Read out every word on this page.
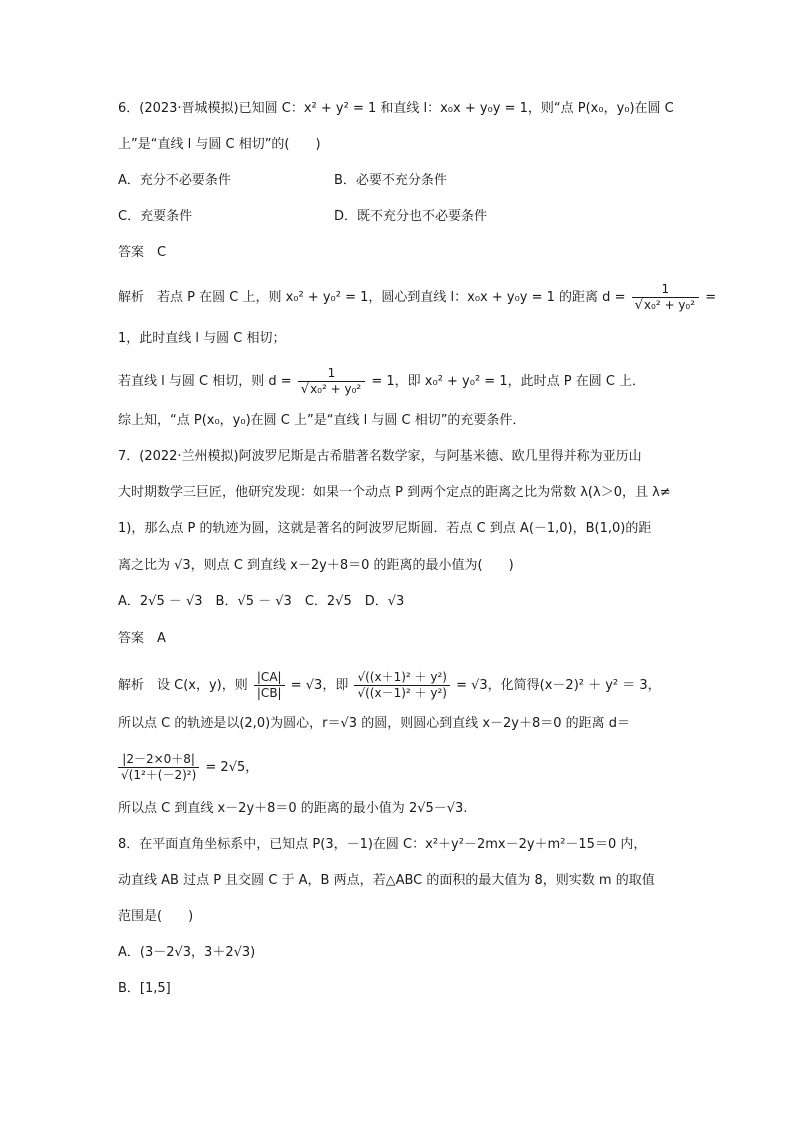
6．(2023·晋城模拟)已知圆 C：x² + y² = 1 和直线 l：x₀x + y₀y = 1，则“点 P(x₀，y₀)在圆 C
上”是“直线 l 与圆 C 相切”的(　　)
A．充分不必要条件	B．必要不充分条件
C．充要条件	D．既不充分也不必要条件
答案　C
解析　若点 P 在圆 C 上，则 x₀² + y₀² = 1，圆心到直线 l：x₀x + y₀y = 1 的距离 $d = \frac{1}{\text{√x₀² + y₀²}}$ =
1，此时直线 l 与圆 C 相切；
若直线 l 与圆 C 相切，则 $d = \frac{1}{\text{√x₀² + y₀²}} = 1$，即 x₀² + y₀² = 1，此时点 P 在圆 C 上．
综上知，“点 P(x₀，y₀)在圆 C 上”是“直线 l 与圆 C 相切”的充要条件．
7．(2022·兰州模拟)阿波罗尼斯是古希腊著名数学家，与阿基米德、欧几里得并称为亚历山
大时期数学三巨匠，他研究发现：如果一个动点 P 到两个定点的距离之比为常数 λ(λ＞0，且 λ≠
1)，那么点 P 的轨迹为圆，这就是著名的阿波罗尼斯圆．若点 C 到点 A(－1,0)，B(1,0)的距
离之比为 √3，则点 C 到直线 x－2y＋8＝0 的距离的最小值为(　　)
A．2√5 － √3　B．√5 － √3　C．2√5　D．√3
答案　A
解析　设 C(x，y)，则 $\frac{|CA|}{|CB|} = √3$，即 $\frac{\text{√((x＋1)² ＋ y²)}}{\text{√((x－1)² ＋ y²)}} = √3$，化简得(x－2)² ＋ y² ＝ 3，
所以点 C 的轨迹是以(2,0)为圆心，r＝√3 的圆，则圆心到直线 x－2y＋8＝0 的距离 d＝
$\frac{|2-2\times 0+8|}{\text{√(1²＋(－2)²)}} = 2√5$，
所以点 C 到直线 x－2y＋8＝0 的距离的最小值为 2√5－√3.
8．在平面直角坐标系中，已知点 P(3，－1)在圆 C：x²＋y²－2mx－2y＋m²－15＝0 内，
动直线 AB 过点 P 且交圆 C 于 A，B 两点，若△ABC 的面积的最大值为 8，则实数 m 的取值
范围是(　　)
A．(3－2√3，3＋2√3)
B．[1,5]
